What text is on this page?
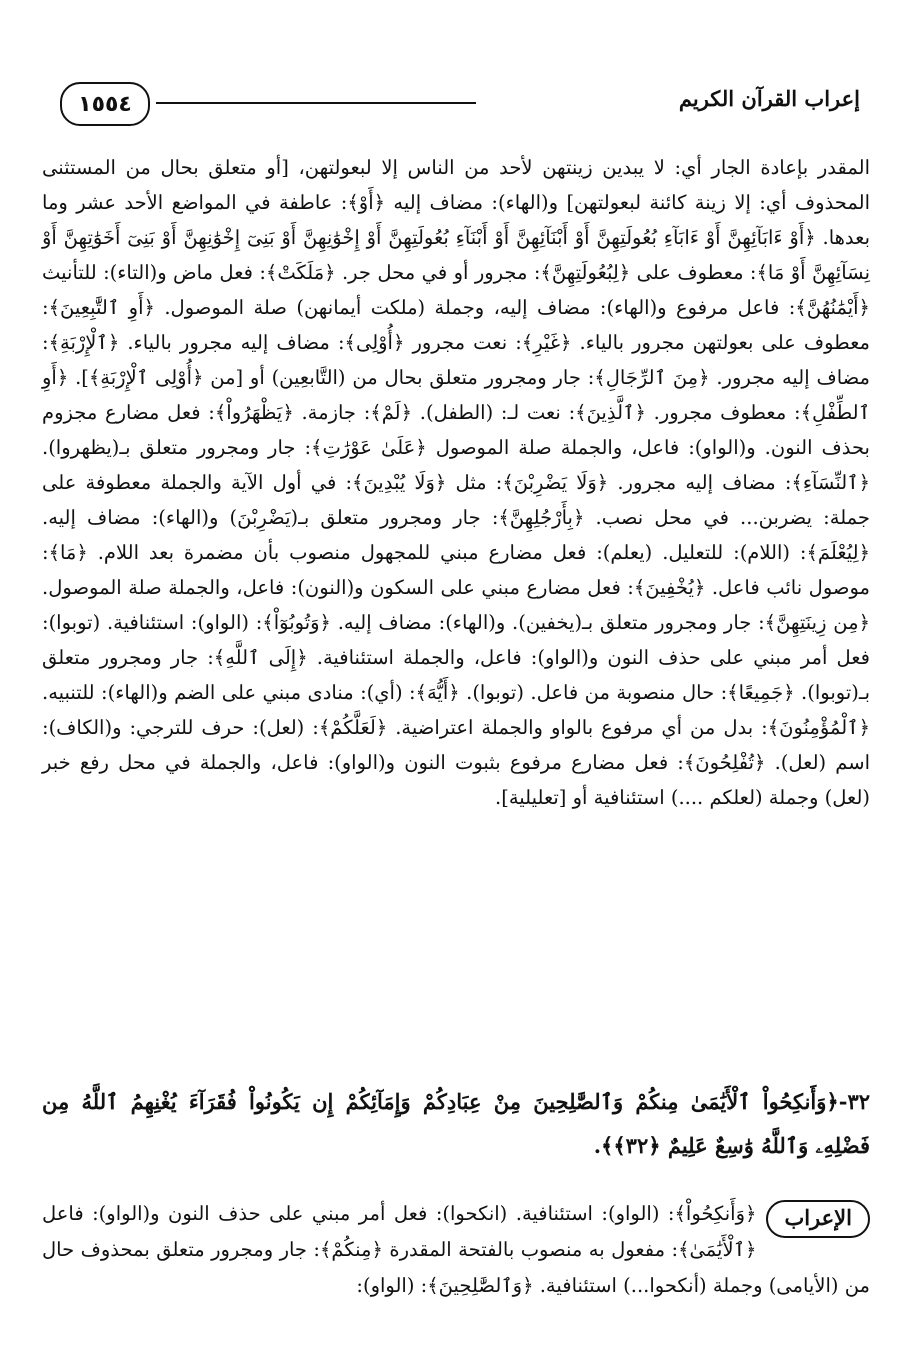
١٥٥٤	إعراب القرآن الكريم

المقدر بإعادة الجار أي: لا يبدين زينتهن لأحد من الناس إلا لبعولتهن، [أو متعلق بحال من المستثنى المحذوف أي: إلا زينة كائنة لبعولتهن] و(الهاء): مضاف إليه ﴿أَوْ﴾: عاطفة في المواضع الأحد عشر وما بعدها. ﴿أَوْ ءَابَآئِهِنَّ أَوْ ءَابَآءِ بُعُولَتِهِنَّ أَوْ أَبْنَآئِهِنَّ أَوْ أَبْنَآءِ بُعُولَتِهِنَّ أَوْ إِخْوَٰنِهِنَّ أَوْ بَنِىٓ إِخْوَٰنِهِنَّ أَوْ بَنِىٓ أَخَوَٰتِهِنَّ أَوْ نِسَآئِهِنَّ أَوْ مَا﴾: معطوف على ﴿لِبُعُولَتِهِنَّ﴾: مجرور أو في محل جر. ﴿مَلَكَتْ﴾: فعل ماض و(التاء): للتأنيث ﴿أَيْمَٰنُهُنَّ﴾: فاعل مرفوع و(الهاء): مضاف إليه، وجملة (ملكت أيمانهن) صلة الموصول. ﴿أَوِ ٱلتَّٰبِعِينَ﴾: معطوف على بعولتهن مجرور بالياء. ﴿غَيْرِ﴾: نعت مجرور ﴿أُوْلِى﴾: مضاف إليه مجرور بالياء. ﴿ٱلْإِرْبَةِ﴾: مضاف إليه مجرور. ﴿مِنَ ٱلرِّجَالِ﴾: جار ومجرور متعلق بحال من (التَّابعِين) أو [من ﴿أُوْلِى ٱلْإِرْبَةِ﴾]. ﴿أَوِ ٱلطِّفْلِ﴾: معطوف مجرور. ﴿ٱلَّذِينَ﴾: نعت لـ: (الطفل). ﴿لَمْ﴾: جازمة. ﴿يَظْهَرُواْ﴾: فعل مضارع مجزوم بحذف النون. و(الواو): فاعل، والجملة صلة الموصول ﴿عَلَىٰ عَوْرَٰتِ﴾: جار ومجرور متعلق بـ(يظهروا). ﴿ٱلنِّسَآءِ﴾: مضاف إليه مجرور. ﴿وَلَا يَضْرِبْنَ﴾: مثل ﴿وَلَا يُبْدِينَ﴾: في أول الآية والجملة معطوفة على جملة: يضربن... في محل نصب. ﴿بِأَرْجُلِهِنَّ﴾: جار ومجرور متعلق بـ(يَضْرِبْنَ) و(الهاء): مضاف إليه. ﴿لِيُعْلَمَ﴾: (اللام): للتعليل. (يعلم): فعل مضارع مبني للمجهول منصوب بأن مضمرة بعد اللام. ﴿مَا﴾: موصول نائب فاعل. ﴿يُخْفِينَ﴾: فعل مضارع مبني على السكون و(النون): فاعل، والجملة صلة الموصول. ﴿مِن زِينَتِهِنَّ﴾: جار ومجرور متعلق بـ(يخفين). و(الهاء): مضاف إليه. ﴿وَتُوبُوٓاْ﴾: (الواو): استئنافية. (توبوا): فعل أمر مبني على حذف النون و(الواو): فاعل، والجملة استئنافية. ﴿إِلَى ٱللَّهِ﴾: جار ومجرور متعلق بـ(توبوا). ﴿جَمِيعًا﴾: حال منصوبة من فاعل. (توبوا). ﴿أَيُّهَ﴾: (أي): منادى مبني على الضم و(الهاء): للتنبيه. ﴿ٱلْمُؤْمِنُونَ﴾: بدل من أي مرفوع بالواو والجملة اعتراضية. ﴿لَعَلَّكُمْ﴾: (لعل): حرف للترجي: و(الكاف): اسم (لعل). ﴿تُفْلِحُونَ﴾: فعل مضارع مرفوع بثبوت النون و(الواو): فاعل، والجملة في محل رفع خبر (لعل) وجملة (لعلكم ....) استئنافية أو [تعليلية].

٣٢-﴿وَأَنكِحُواْ ٱلْأَيَٰمَىٰ مِنكُمْ وَٱلصَّٰلِحِينَ مِنْ عِبَادِكُمْ وَإِمَآئِكُمْ إِن يَكُونُواْ فُقَرَآءَ يُغْنِهِمُ ٱللَّهُ مِن فَضْلِهِۦ وَٱللَّهُ وَٰسِعٌ عَلِيمٌ ﴿٣٢﴾﴾.
الإعراب
﴿وَأَنكِحُواْ﴾: (الواو): استئنافية. (انكحوا): فعل أمر مبني على حذف النون و(الواو): فاعل ﴿ٱلْأَيَٰمَىٰ﴾: مفعول به منصوب بالفتحة المقدرة ﴿مِنكُمْ﴾: جار ومجرور متعلق بمحذوف حال من (الأيامى) وجملة (أنكحوا...) استئنافية. ﴿وَٱلصَّٰلِحِينَ﴾: (الواو):
